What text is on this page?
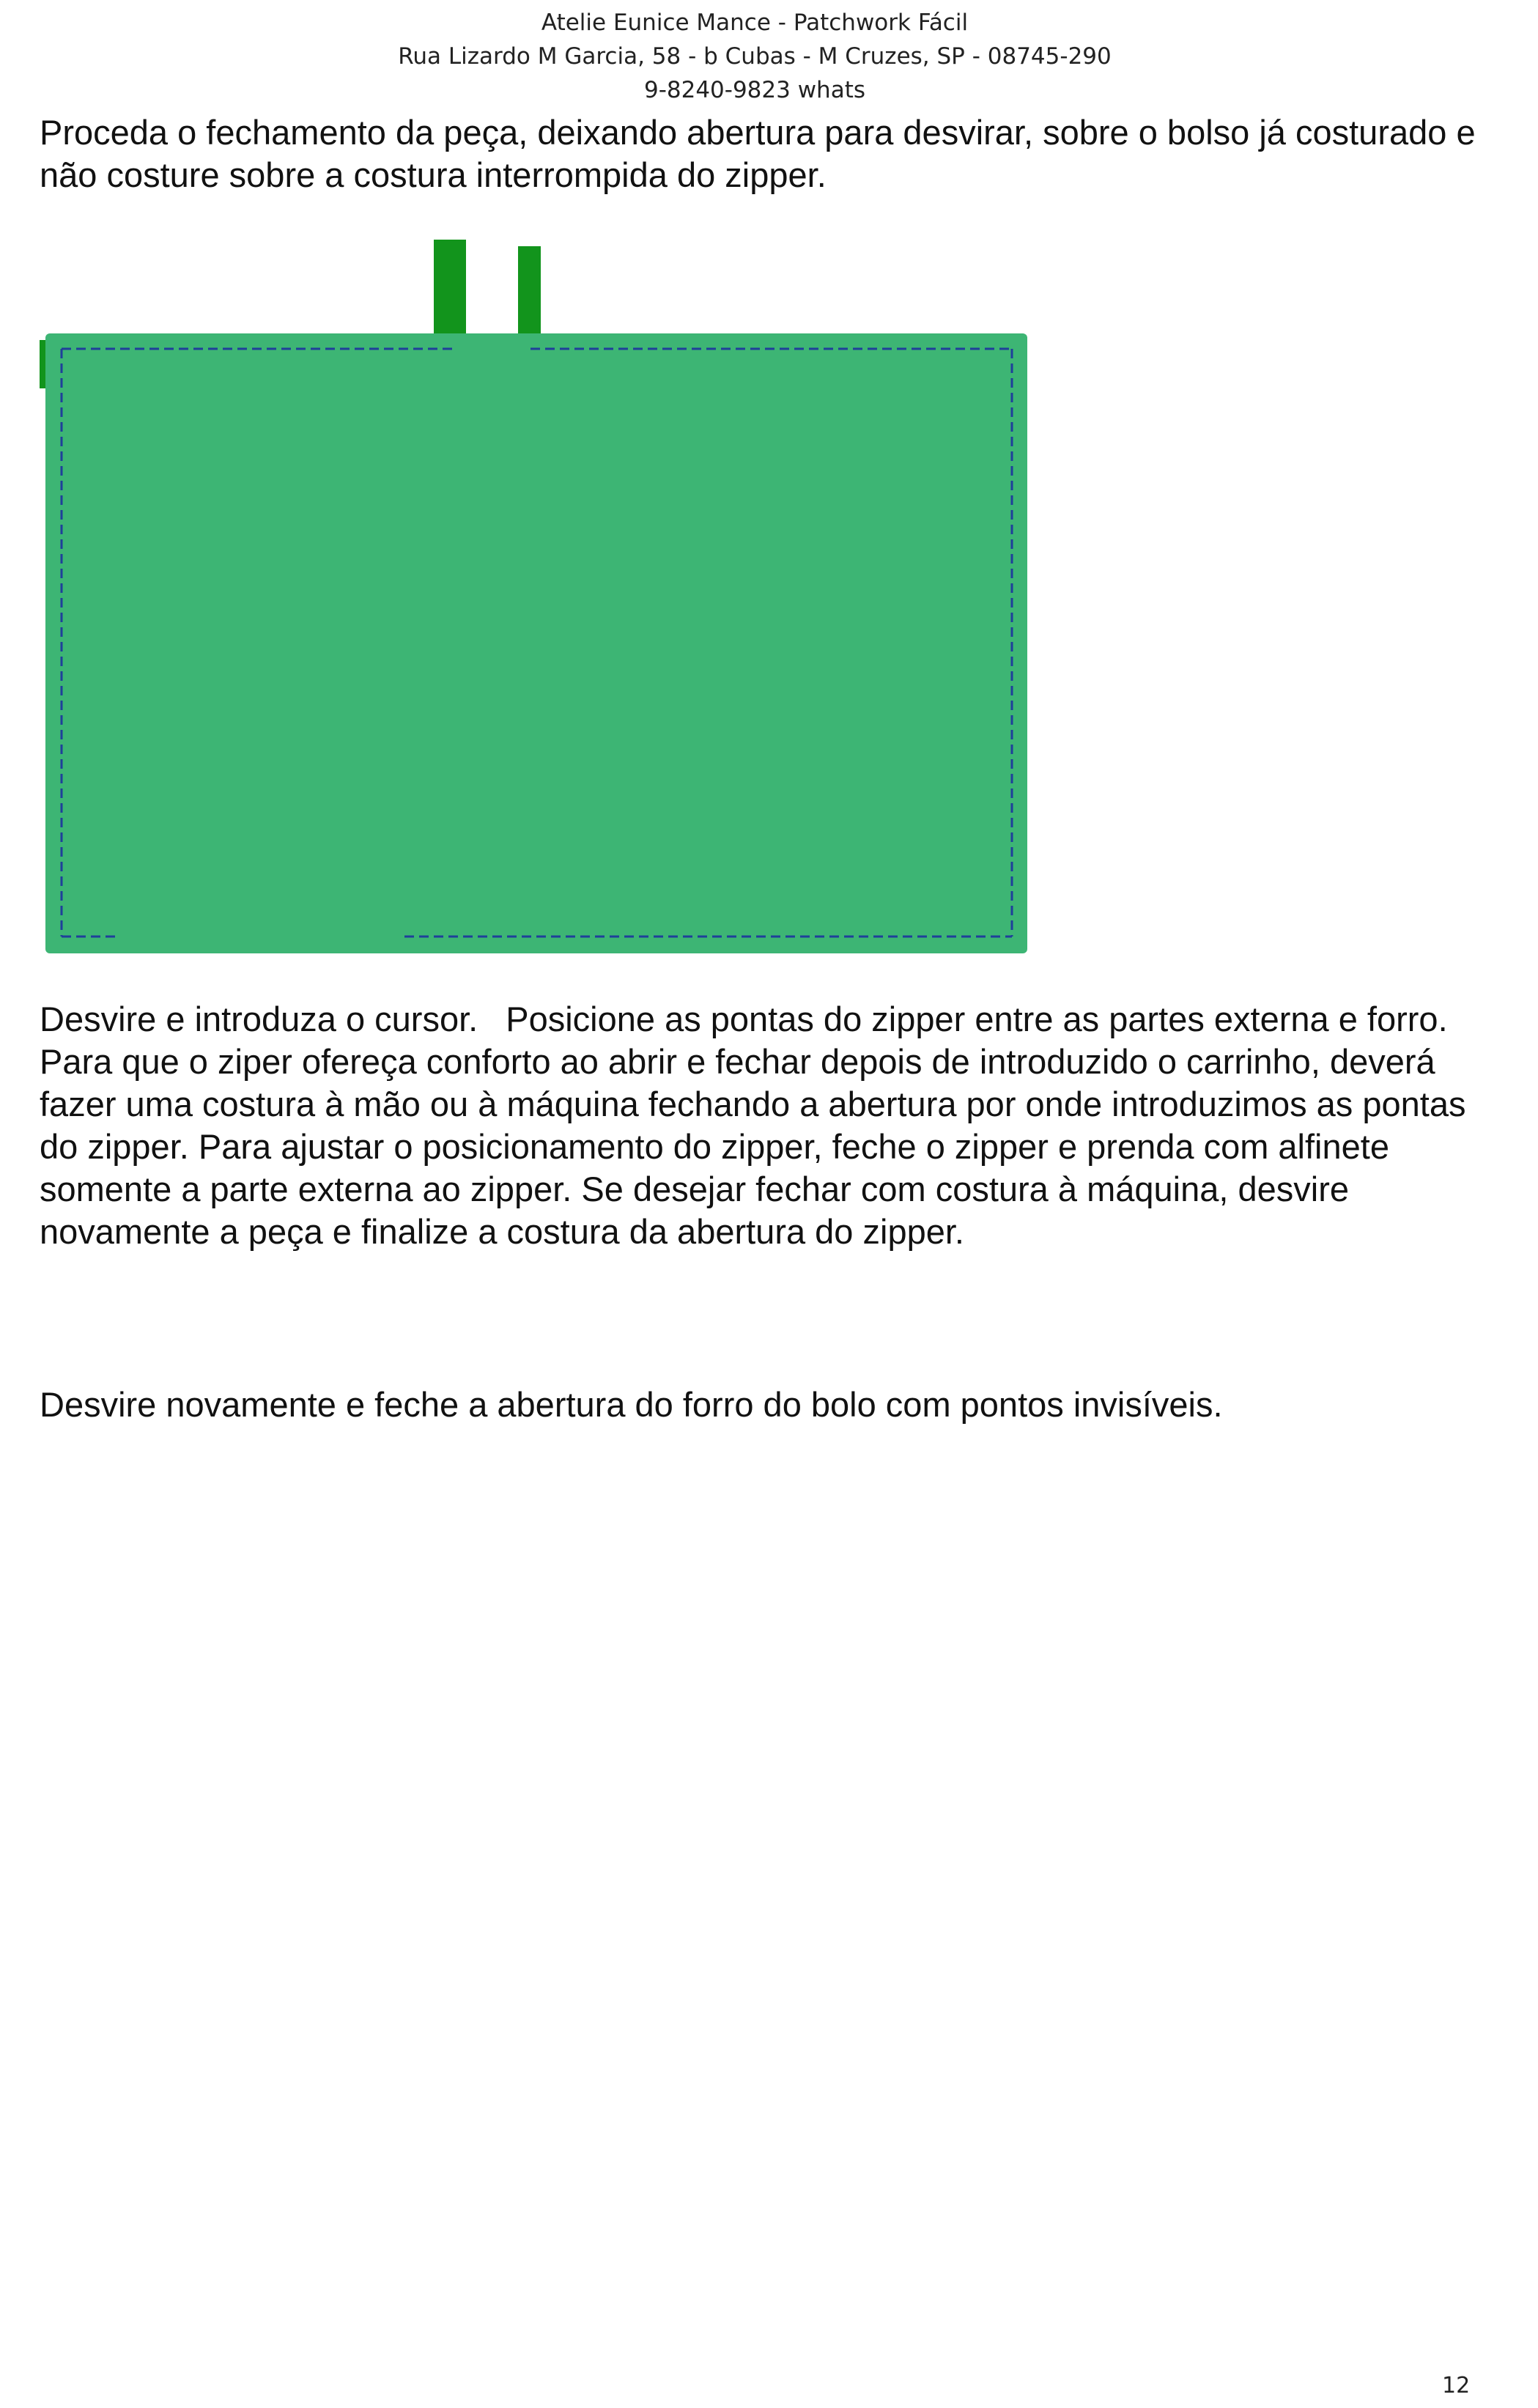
Atelie Eunice Mance - Patchwork Fácil
Rua Lizardo M Garcia, 58 - b Cubas - M Cruzes, SP - 08745-290
9-8240-9823 whats
Proceda o fechamento da peça, deixando abertura para desvirar, sobre o bolso já costurado e não costure sobre a costura interrompida do zipper.
Desvire e introduza o cursor. Posicione as pontas do zipper entre as partes externa e forro.
Para que o ziper ofereça conforto ao abrir e fechar depois de introduzido o carrinho, deverá fazer uma costura à mão ou à máquina fechando a abertura por onde introduzimos as pontas do zipper. Para ajustar o posicionamento do zipper, feche o zipper e prenda com alfinete somente a parte externa ao zipper. Se desejar fechar com costura à máquina, desvire novamente a peça e finalize a costura da abertura do zipper.
Desvire novamente e feche a abertura do forro do bolo com pontos invisíveis.
12
